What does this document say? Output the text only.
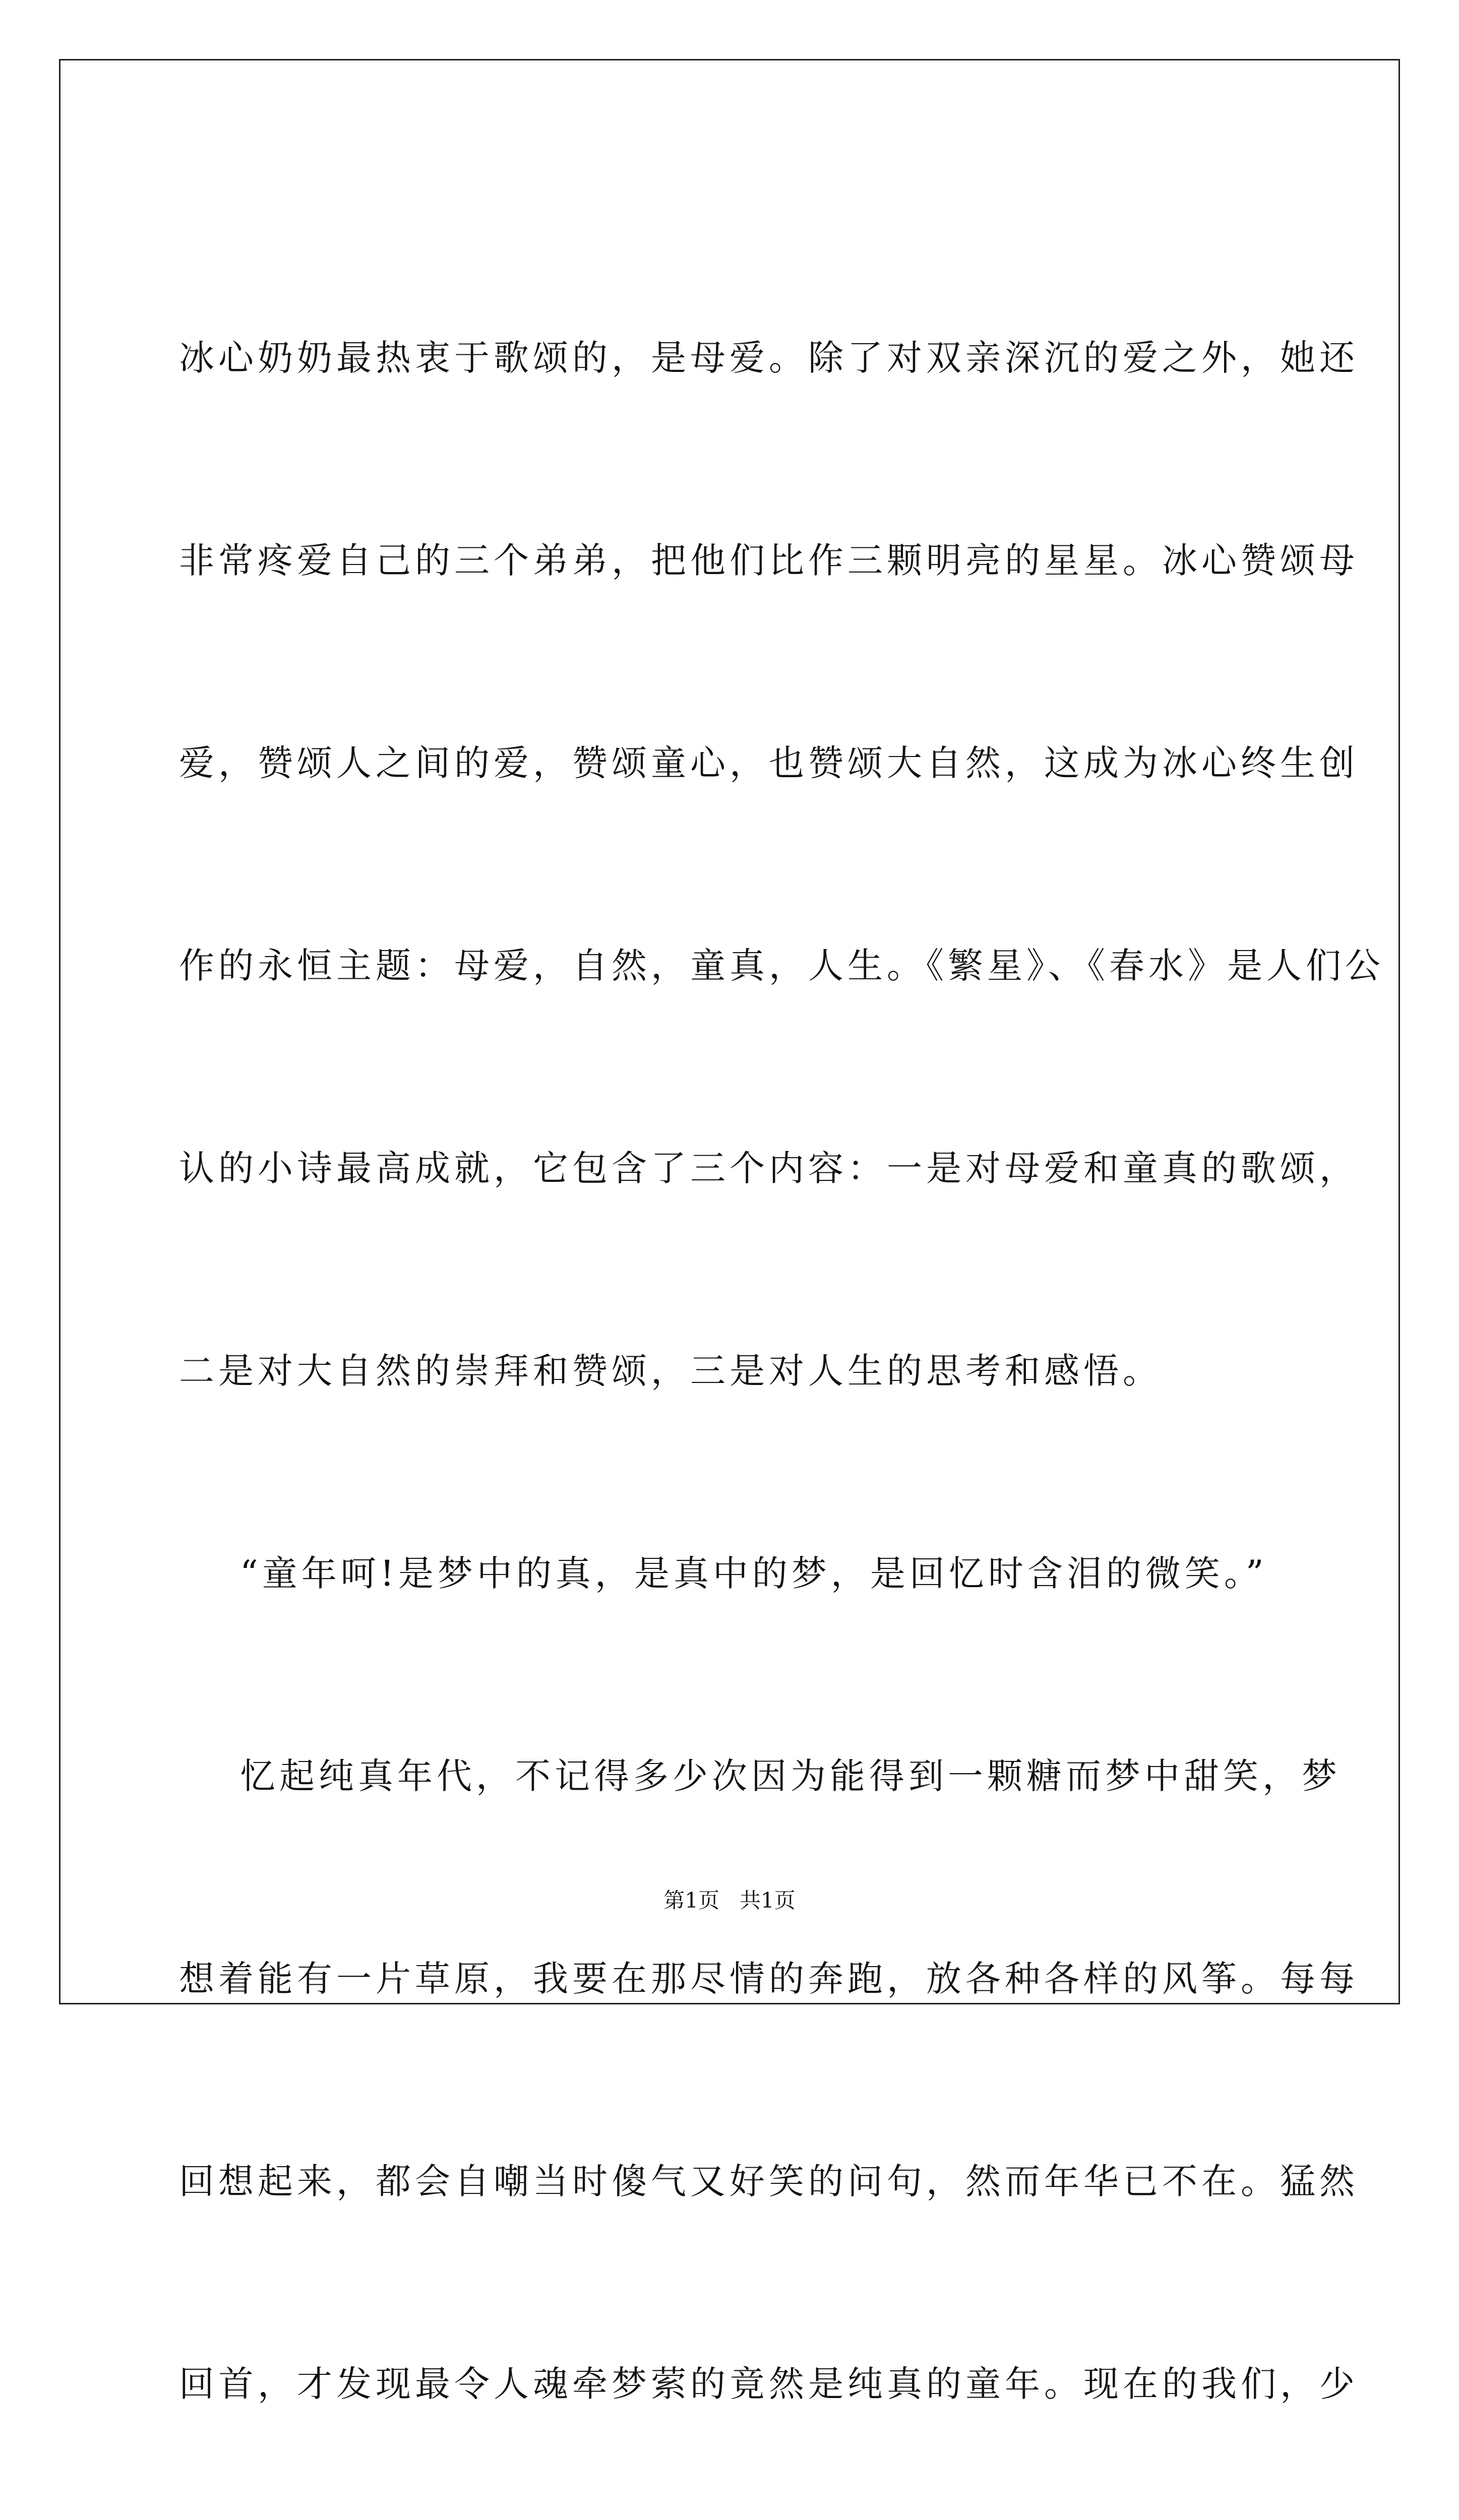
冰心奶奶最热衷于歌颂的，是母爱。除了对双亲深沉的爱之外，她还

非常疼爱自己的三个弟弟，把他们比作三颗明亮的星星。冰心赞颂母

爱，赞颂人之间的爱，赞颂童心，也赞颂大自然，这成为冰心终生创

作的永恒主题：母爱，自然，童真，人生。《繁星》、《春水》是人们公

认的小诗最高成就，它包含了三个内容：一是对母爱和童真的歌颂，

二是对大自然的崇拜和赞颂，三是对人生的思考和感悟。

“童年呵!是梦中的真，是真中的梦，是回忆时含泪的微笑。”

忆起纯真年代，不记得多少次因为能得到一颗糖而梦中甜笑，梦

想着能有一片草原，我要在那尽情的奔跑，放各种各样的风筝。每每

回想起来，都会自嘲当时傻气又好笑的问句，然而年华已不在。猛然

回首，才发现最令人魂牵梦萦的竟然是纯真的童年。现在的我们，少

第1页   共1页
